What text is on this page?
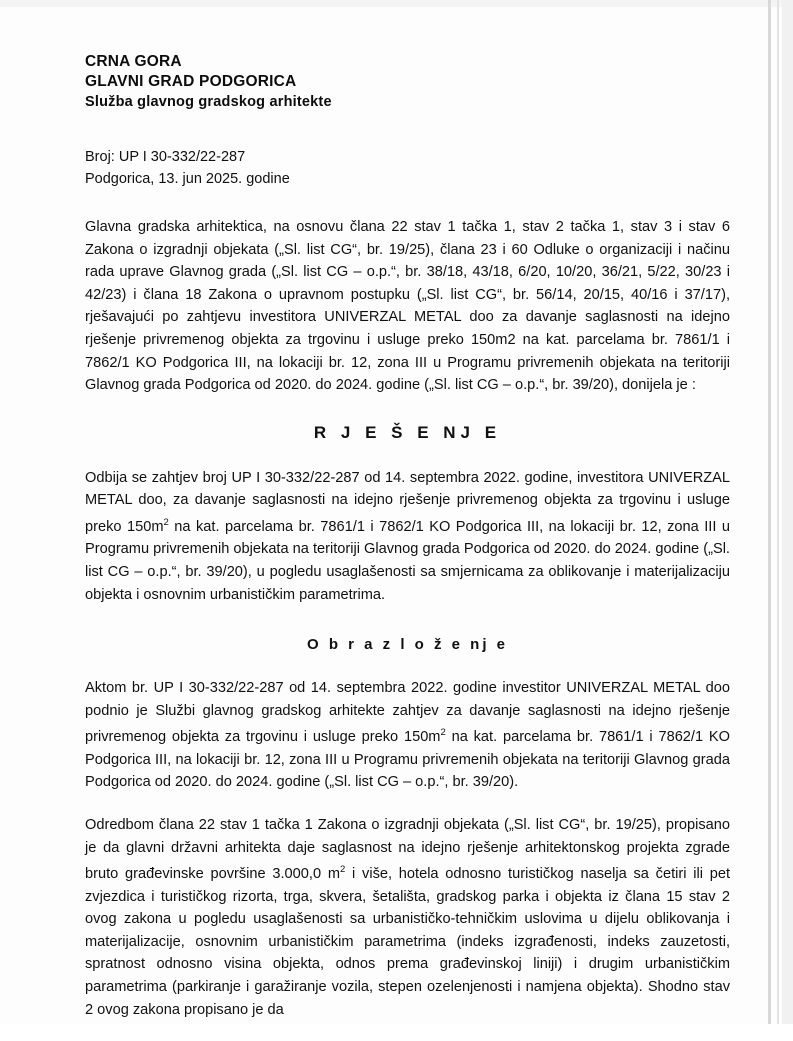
CRNA GORA
GLAVNI GRAD PODGORICA
Služba glavnog gradskog arhitekte
Broj: UP I 30-332/22-287
Podgorica, 13. jun 2025. godine

Glavna gradska arhitektica, na osnovu člana 22 stav 1 tačka 1, stav 2 tačka 1, stav 3 i stav 6 Zakona o izgradnji objekata („Sl. list CG“, br. 19/25), člana 23 i 60 Odluke o organizaciji i načinu rada uprave Glavnog grada („Sl. list CG – o.p.“, br. 38/18, 43/18, 6/20, 10/20, 36/21, 5/22, 30/23 i 42/23) i člana 18 Zakona o upravnom postupku („Sl. list CG“, br. 56/14, 20/15, 40/16 i 37/17), rješavajući po zahtjevu investitora UNIVERZAL METAL doo za davanje saglasnosti na idejno rješenje privremenog objekta za trgovinu i usluge preko 150m2 na kat. parcelama br. 7861/1 i 7862/1 KO Podgorica III, na lokaciji br. 12, zona III u Programu privremenih objekata na teritoriji Glavnog grada Podgorica od 2020. do 2024. godine („Sl. list CG – o.p.“, br. 39/20), donijela je :

R J E Š E NJ E

Odbija se zahtjev broj UP I 30-332/22-287 od 14. septembra 2022. godine, investitora UNIVERZAL METAL doo, za davanje saglasnosti na idejno rješenje privremenog objekta za trgovinu i usluge preko $150m^2$ na kat. parcelama br. 7861/1 i 7862/1 KO Podgorica III, na lokaciji br. 12, zona III u Programu privremenih objekata na teritoriji Glavnog grada Podgorica od 2020. do 2024. godine („Sl. list CG – o.p.“, br. 39/20), u pogledu usaglašenosti sa smjernicama za oblikovanje i materijalizaciju objekta i osnovnim urbanističkim parametrima.

O b r a z l o ž e nj e

Aktom br. UP I 30-332/22-287 od 14. septembra 2022. godine investitor UNIVERZAL METAL doo podnio je Službi glavnog gradskog arhitekte zahtjev za davanje saglasnosti na idejno rješenje privremenog objekta za trgovinu i usluge preko $150m^2$ na kat. parcelama br. 7861/1 i 7862/1 KO Podgorica III, na lokaciji br. 12, zona III u Programu privremenih objekata na teritoriji Glavnog grada Podgorica od 2020. do 2024. godine („Sl. list CG – o.p.“, br. 39/20).

Odredbom člana 22 stav 1 tačka 1 Zakona o izgradnji objekata („Sl. list CG“, br. 19/25), propisano je da glavni državni arhitekta daje saglasnost na idejno rješenje arhitektonskog projekta zgrade bruto građevinske površine 3.000,0 $m^2$ i više, hotela odnosno turističkog naselja sa četiri ili pet zvjezdica i turističkog rizorta, trga, skvera, šetališta, gradskog parka i objekta iz člana 15 stav 2 ovog zakona u pogledu usaglašenosti sa urbanističko-tehničkim uslovima u dijelu oblikovanja i materijalizacije, osnovnim urbanističkim parametrima (indeks izgrađenosti, indeks zauzetosti, spratnost odnosno visina objekta, odnos prema građevinskoj liniji) i drugim urbanističkim parametrima (parkiranje i garažiranje vozila, stepen ozelenjenosti i namjena objekta). Shodno stav 2 ovog zakona propisano je da
